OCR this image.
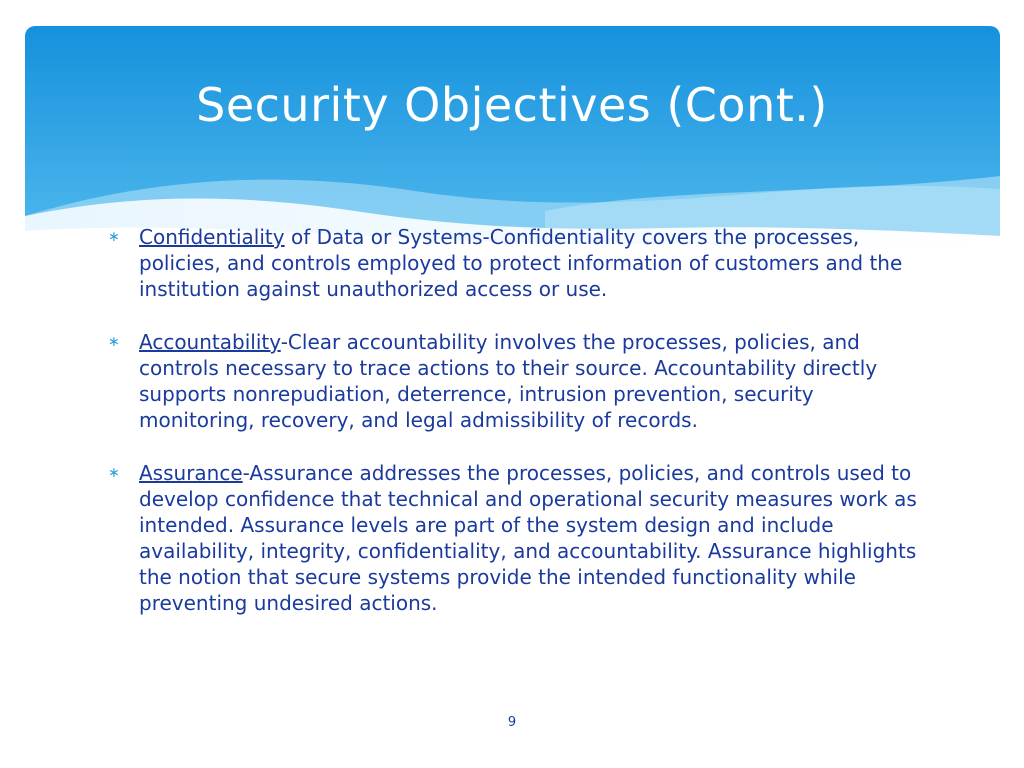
Security Objectives (Cont.)
∗ Confidentiality of Data or Systems-Confidentiality covers the processes, policies, and controls employed to protect information of customers and the institution against unauthorized access or use.
∗ Accountability-Clear accountability involves the processes, policies, and controls necessary to trace actions to their source. Accountability directly supports nonrepudiation, deterrence, intrusion prevention, security monitoring, recovery, and legal admissibility of records.
∗ Assurance-Assurance addresses the processes, policies, and controls used to develop confidence that technical and operational security measures work as intended. Assurance levels are part of the system design and include availability, integrity, confidentiality, and accountability. Assurance highlights the notion that secure systems provide the intended functionality while preventing undesired actions.
9
